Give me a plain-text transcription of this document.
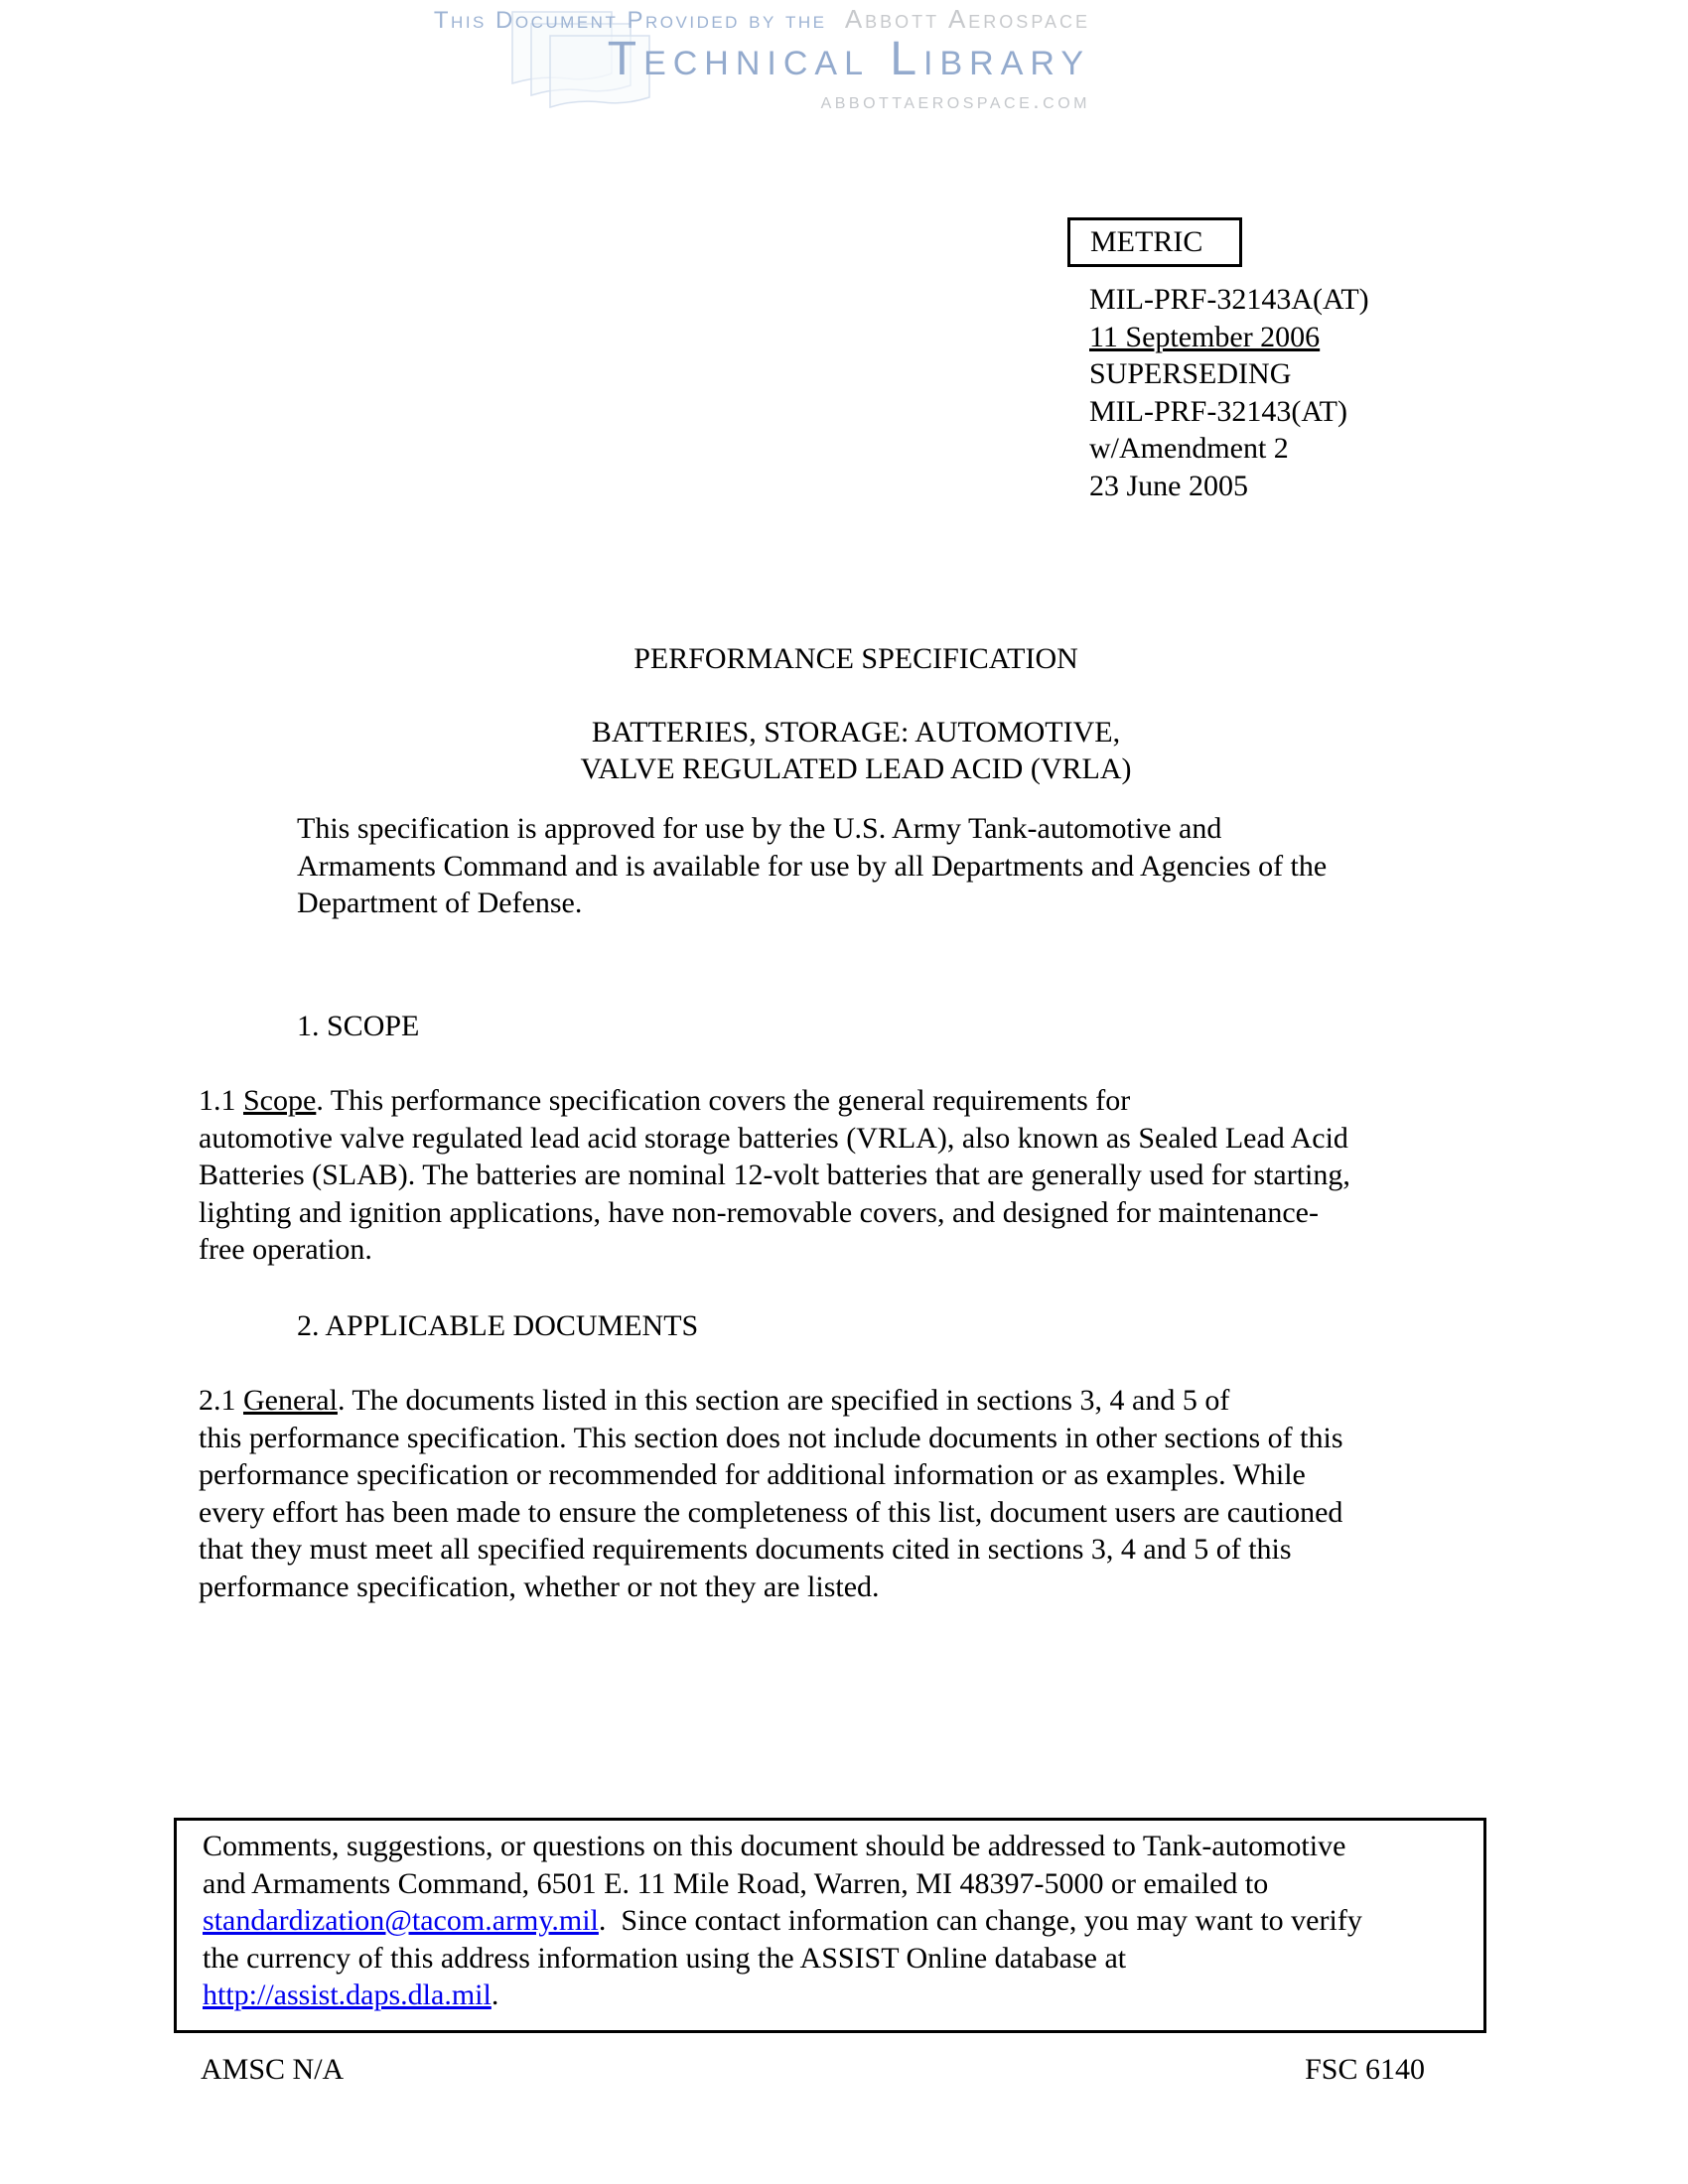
This Document Provided by the Abbott Aerospace
Technical Library
abbottaerospace.com
METRIC
MIL-PRF-32143A(AT)
11 September 2006
SUPERSEDING
MIL-PRF-32143(AT)
w/Amendment 2
23 June 2005
PERFORMANCE SPECIFICATION
BATTERIES, STORAGE: AUTOMOTIVE,
VALVE REGULATED LEAD ACID (VRLA)
This specification is approved for use by the U.S. Army Tank-automotive and
Armaments Command and is available for use by all Departments and Agencies of the
Department of Defense.
1. SCOPE
1.1 Scope. This performance specification covers the general requirements for
automotive valve regulated lead acid storage batteries (VRLA), also known as Sealed Lead Acid
Batteries (SLAB). The batteries are nominal 12-volt batteries that are generally used for starting,
lighting and ignition applications, have non-removable covers, and designed for maintenance-
free operation.
2. APPLICABLE DOCUMENTS
2.1 General. The documents listed in this section are specified in sections 3, 4 and 5 of
this performance specification. This section does not include documents in other sections of this
performance specification or recommended for additional information or as examples. While
every effort has been made to ensure the completeness of this list, document users are cautioned
that they must meet all specified requirements documents cited in sections 3, 4 and 5 of this
performance specification, whether or not they are listed.
Comments, suggestions, or questions on this document should be addressed to Tank-automotive
and Armaments Command, 6501 E. 11 Mile Road, Warren, MI 48397-5000 or emailed to
standardization@tacom.army.mil.  Since contact information can change, you may want to verify
the currency of this address information using the ASSIST Online database at
http://assist.daps.dla.mil.
AMSC N/A	FSC 6140
